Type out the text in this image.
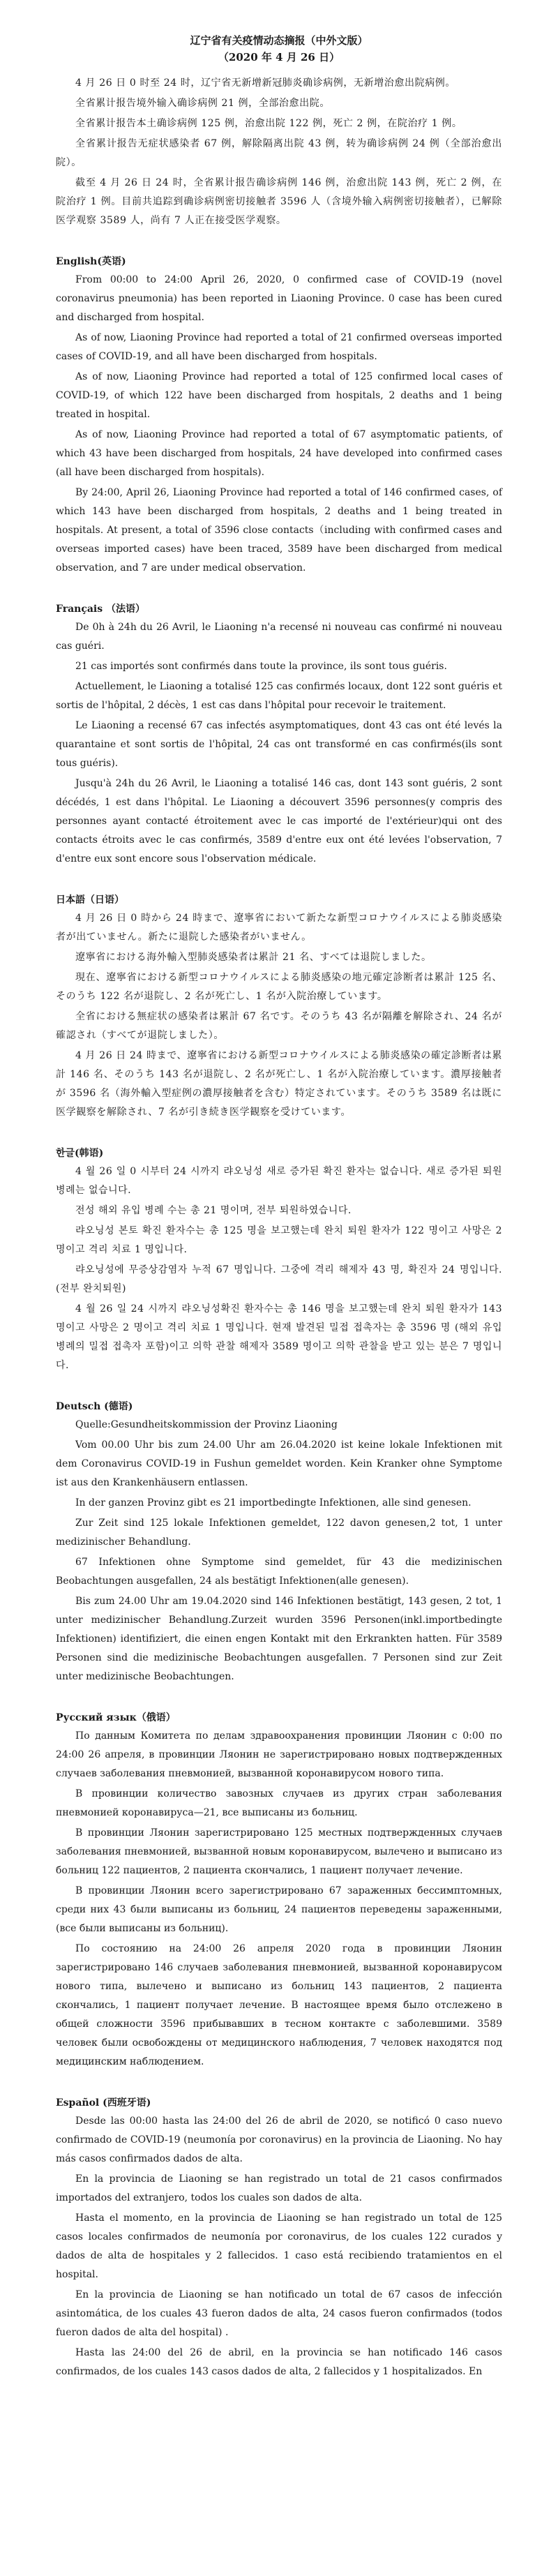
辽宁省有关疫情动态摘报（中外文版）
（2020 年 4 月 26 日）

4 月 26 日 0 时至 24 时，辽宁省无新增新冠肺炎确诊病例，无新增治愈出院病例。

全省累计报告境外输入确诊病例 21 例，全部治愈出院。

全省累计报告本土确诊病例 125 例，治愈出院 122 例，死亡 2 例，在院治疗 1 例。

全省累计报告无症状感染者 67 例，解除隔离出院 43 例，转为确诊病例 24 例（全部治愈出院）。

截至 4 月 26 日 24 时，全省累计报告确诊病例 146 例，治愈出院 143 例，死亡 2 例，在院治疗 1 例。目前共追踪到确诊病例密切接触者 3596 人（含境外输入病例密切接触者），已解除医学观察 3589 人，尚有 7 人正在接受医学观察。

English(英语)

From 00:00 to 24:00 April 26, 2020, 0 confirmed case of COVID-19 (novel coronavirus pneumonia) has been reported in Liaoning Province. 0 case has been cured and discharged from hospital.

As of now, Liaoning Province had reported a total of 21 confirmed overseas imported cases of COVID-19, and all have been discharged from hospitals.

As of now, Liaoning Province had reported a total of 125 confirmed local cases of COVID-19, of which 122 have been discharged from hospitals, 2 deaths and 1 being treated in hospital.

As of now, Liaoning Province had reported a total of 67 asymptomatic patients, of which 43 have been discharged from hospitals, 24 have developed into confirmed cases (all have been discharged from hospitals).

By 24:00, April 26, Liaoning Province had reported a total of 146 confirmed cases, of which 143 have been discharged from hospitals, 2 deaths and 1 being treated in hospitals. At present, a total of 3596 close contacts（including with confirmed cases and overseas imported cases) have been traced, 3589 have been discharged from medical observation, and 7 are under medical observation.

Français （法语）

De 0h à 24h du 26 Avril, le Liaoning n'a recensé ni nouveau cas confirmé ni nouveau cas guéri.

21 cas importés sont confirmés dans toute la province, ils sont tous guéris.

Actuellement, le Liaoning a totalisé 125 cas confirmés locaux, dont 122 sont guéris et sortis de l'hôpital, 2 décès, 1 est cas dans l'hôpital pour recevoir le traitement.

Le Liaoning a recensé 67 cas infectés asymptomatiques, dont 43 cas ont été levés la quarantaine et sont sortis de l'hôpital, 24 cas ont transformé en cas confirmés(ils sont tous guéris).

Jusqu'à 24h du 26 Avril, le Liaoning a totalisé 146 cas, dont 143 sont guéris, 2 sont décédés, 1 est dans l'hôpital. Le Liaoning a découvert 3596 personnes(y compris des personnes ayant contacté étroitement avec le cas importé de l'extérieur)qui ont des contacts étroits avec le cas confirmés, 3589 d'entre eux ont été levées l'observation, 7 d'entre eux sont encore sous l'observation médicale.

日本語（日语）

4 月 26 日 0 時から 24 時まで、遼寧省において新たな新型コロナウイルスによる肺炎感染者が出ていません。新たに退院した感染者がいません。

遼寧省における海外輸入型肺炎感染者は累計 21 名、すべては退院しました。

現在、遼寧省における新型コロナウイルスによる肺炎感染の地元確定診断者は累計 125 名、そのうち 122 名が退院し、2 名が死亡し、1 名が入院治療しています。

全省における無症状の感染者は累計 67 名です。そのうち 43 名が隔離を解除され、24 名が確認され（すべてが退院しました）。

4 月 26 日 24 時まで、遼寧省における新型コロナウイルスによる肺炎感染の確定診断者は累計 146 名、そのうち 143 名が退院し、2 名が死亡し、1 名が入院治療しています。濃厚接触者が 3596 名（海外輸入型症例の濃厚接触者を含む）特定されています。そのうち 3589 名は既に医学観察を解除され、7 名が引き続き医学観察を受けています。

한글(韩语)

4 월 26 일 0 시부터 24 시까지 랴오닝성 새로 증가된 확진 환자는 없습니다. 새로 증가된 퇴원 병례는 없습니다.

전성 해외 유입 병례 수는 총 21 명이며, 전부 퇴원하였습니다.

랴오닝성 본토 확진 환자수는 총 125 명을 보고했는데 완치 퇴원 환자가 122 명이고 사망은 2 명이고 격리 치료 1 명입니다.

랴오닝성에 무증상감염자 누적 67 명입니다. 그중에 격리 해제자 43 명, 확진자 24 명입니다. (전부 완치퇴원)

4 월 26 일 24 시까지 랴오닝성확진 환자수는 총 146 명을 보고했는데 완치 퇴원 환자가 143 명이고 사망은 2 명이고 격리 치료 1 명입니다. 현재 발견된 밀접 접촉자는 총 3596 명 (해외 유입 병례의 밀접 접촉자 포함)이고 의학 관찰 해제자 3589 명이고 의학 관찰을 받고 있는 분은 7 명입니다.

Deutsch (德语)

Quelle:Gesundheitskommission der Provinz Liaoning

Vom 00.00 Uhr bis zum 24.00 Uhr am 26.04.2020 ist keine lokale Infektionen mit dem Coronavirus COVID-19 in Fushun gemeldet worden. Kein Kranker ohne Symptome ist aus den Krankenhäusern entlassen.

In der ganzen Provinz gibt es 21 importbedingte Infektionen, alle sind genesen.

Zur Zeit sind 125 lokale Infektionen gemeldet, 122 davon genesen,2 tot, 1 unter medizinischer Behandlung.

67 Infektionen ohne Symptome sind gemeldet, für 43 die medizinischen Beobachtungen ausgefallen, 24 als bestätigt Infektionen(alle genesen).

Bis zum 24.00 Uhr am 19.04.2020 sind 146 Infektionen bestätigt, 143 gesen, 2 tot, 1 unter medizinischer Behandlung.Zurzeit wurden 3596 Personen(inkl.importbedingte Infektionen) identifiziert, die einen engen Kontakt mit den Erkrankten hatten. Für 3589 Personen sind die medizinische Beobachtungen ausgefallen. 7 Personen sind zur Zeit unter medizinische Beobachtungen.

Русский язык（俄语）

По данным Комитета по делам здравоохранения провинции Ляонин с 0:00 по 24:00 26 апреля, в провинции Ляонин не зарегистрировано новых подтвержденных случаев заболевания пневмонией, вызванной коронавирусом нового типа.

В провинции количество завозных случаев из других стран заболевания пневмонией коронавируса—21, все выписаны из больниц.

В провинции Ляонин зарегистрировано 125 местных подтвержденных случаев заболевания пневмонией, вызванной новым коронавирусом, вылечено и выписано из больниц 122 пациентов, 2 пациента скончались, 1 пациент получает лечение.

В провинции Ляонин всего зарегистрировано 67 зараженных бессимптомных, среди них 43 были выписаны из больниц, 24 пациентов переведены зараженными, (все были выписаны из больниц).

По состоянию на 24:00 26 апреля 2020 года в провинции Ляонин зарегистрировано 146 случаев заболевания пневмонией, вызванной коронавирусом нового типа, вылечено и выписано из больниц 143 пациентов, 2 пациента скончались, 1 пациент получает лечение. В настоящее время было отслежено в общей сложности 3596 прибывавших в тесном контакте с заболевшими. 3589 человек были освобождены от медицинского наблюдения, 7 человек находятся под медицинским наблюдением.

Español (西班牙语)

Desde las 00:00 hasta las 24:00 del 26 de abril de 2020, se notificó 0 caso nuevo confirmado de COVID-19 (neumonía por coronavirus) en la provincia de Liaoning. No hay más casos confirmados dados de alta.

En la provincia de Liaoning se han registrado un total de 21 casos confirmados importados del extranjero, todos los cuales son dados de alta.

Hasta el momento, en la provincia de Liaoning se han registrado un total de 125 casos locales confirmados de neumonía por coronavirus, de los cuales 122 curados y dados de alta de hospitales y 2 fallecidos. 1 caso está recibiendo tratamientos en el hospital.

En la provincia de Liaoning se han notificado un total de 67 casos de infección asintomática, de los cuales 43 fueron dados de alta, 24 casos fueron confirmados (todos fueron dados de alta del hospital) .

Hasta las 24:00 del 26 de abril, en la provincia se han notificado 146 casos confirmados, de los cuales 143 casos dados de alta, 2 fallecidos y 1 hospitalizados. En
